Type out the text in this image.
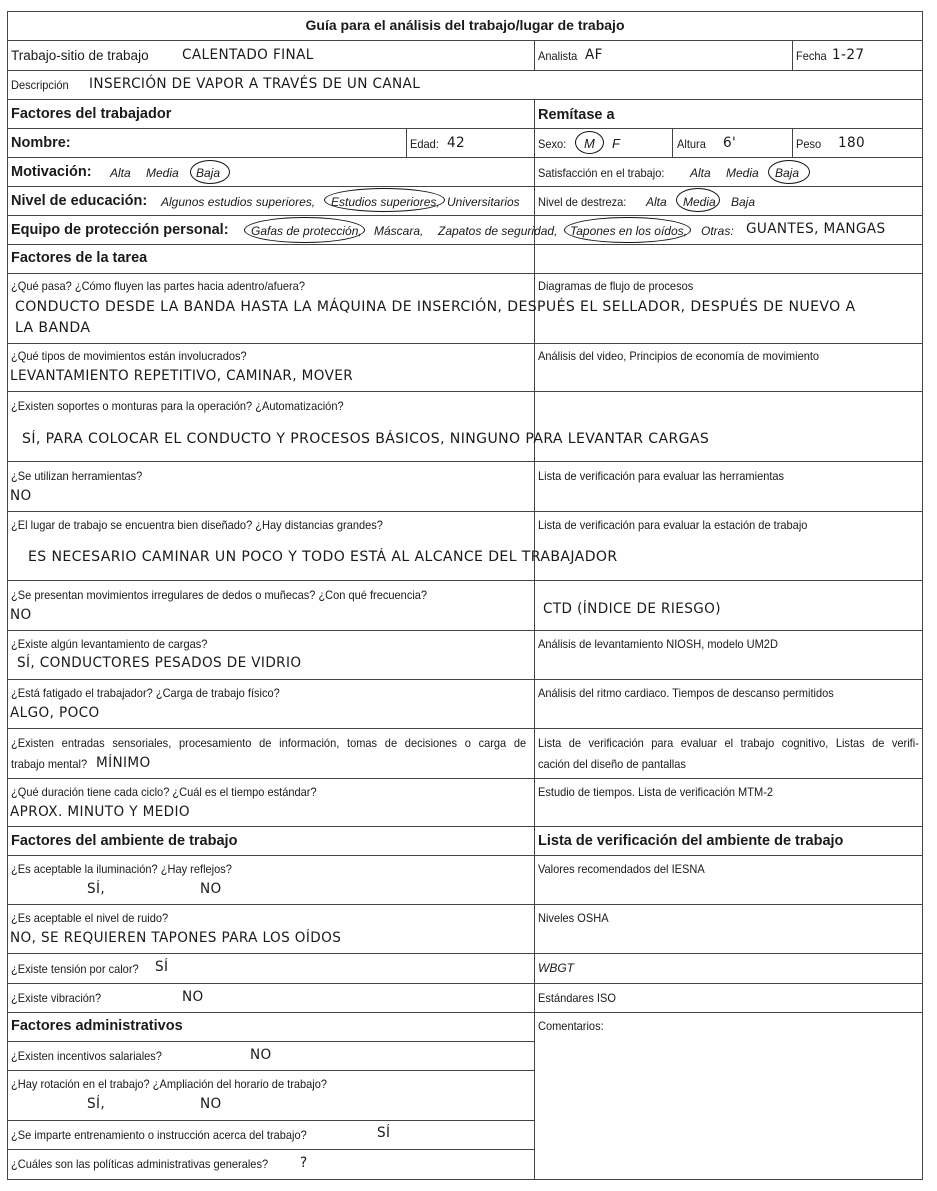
Guía para el análisis del trabajo/lugar de trabajo
Trabajo-sitio de trabajo CALENTADO FINAL	Analista AF	Fecha 1-27
Descripción INSERCIÓN DE VAPOR A TRAVÉS DE UN CANAL
Factores del trabajador	Remítase a
Nombre:	Edad: 42	Sexo: M F	Altura 6'	Peso 180
Motivación: Alta Media Baja	Satisfacción en el trabajo: Alta Media Baja
Nivel de educación: Algunos estudios superiores, Estudios superiores, Universitarios Nivel de destreza: Alta Media Baja
Equipo de protección personal: Gafas de protección, Máscara, Zapatos de seguridad, Tapones en los oídos, Otras: GUANTES, MANGAS
Factores de la tarea
¿Qué pasa? ¿Cómo fluyen las partes hacia adentro/afuera?
CONDUCTO DESDE LA BANDA HASTA LA MÁQUINA DE INSERCIÓN, DESPUÉS EL SELLADOR, DESPUÉS DE NUEVO A
LA BANDA
Diagramas de flujo de procesos
¿Qué tipos de movimientos están involucrados?
LEVANTAMIENTO REPETITIVO, CAMINAR, MOVER
Análisis del video, Principios de economía de movimiento
¿Existen soportes o monturas para la operación? ¿Automatización?
SÍ, PARA COLOCAR EL CONDUCTO Y PROCESOS BÁSICOS, NINGUNO PARA LEVANTAR CARGAS
¿Se utilizan herramientas?
NO
Lista de verificación para evaluar las herramientas
¿El lugar de trabajo se encuentra bien diseñado? ¿Hay distancias grandes?
ES NECESARIO CAMINAR UN POCO Y TODO ESTÁ AL ALCANCE DEL TRABAJADOR
Lista de verificación para evaluar la estación de trabajo
¿Se presentan movimientos irregulares de dedos o muñecas? ¿Con qué frecuencia?
NO	CTD (ÍNDICE DE RIESGO)
¿Existe algún levantamiento de cargas?
SÍ, CONDUCTORES PESADOS DE VIDRIO
Análisis de levantamiento NIOSH, modelo UM2D
¿Está fatigado el trabajador? ¿Carga de trabajo físico?
ALGO, POCO
Análisis del ritmo cardiaco. Tiempos de descanso permitidos
¿Existen entradas sensoriales, procesamiento de información, tomas de decisiones o carga de
trabajo mental? MÍNIMO
Lista de verificación para evaluar el trabajo cognitivo, Listas de verifi-
cación del diseño de pantallas
¿Qué duración tiene cada ciclo? ¿Cuál es el tiempo estándar?
APROX. MINUTO Y MEDIO
Estudio de tiempos. Lista de verificación MTM-2
Factores del ambiente de trabajo	Lista de verificación del ambiente de trabajo
¿Es aceptable la iluminación? ¿Hay reflejos?
SÍ,	NO
Valores recomendados del IESNA
¿Es aceptable el nivel de ruido?
NO, SE REQUIEREN TAPONES PARA LOS OÍDOS
Niveles OSHA
¿Existe tensión por calor? SÍ	WBGT
¿Existe vibración?	NO	Estándares ISO
Factores administrativos	Comentarios:
¿Existen incentivos salariales?	NO
¿Hay rotación en el trabajo? ¿Ampliación del horario de trabajo?
SÍ,	NO
¿Se imparte entrenamiento o instrucción acerca del trabajo?	SÍ
¿Cuáles son las políticas administrativas generales? ?
